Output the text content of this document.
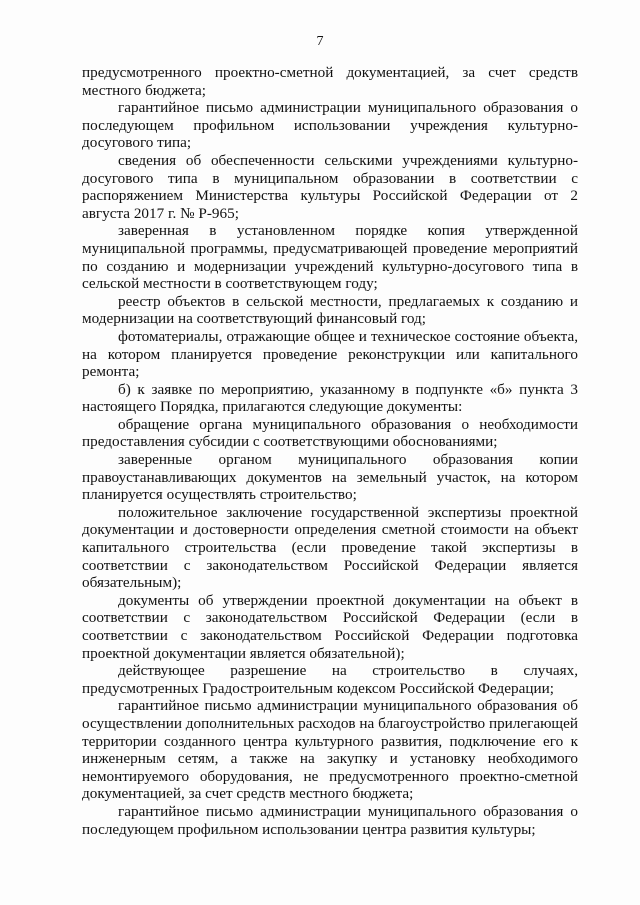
7

предусмотренного проектно-сметной документацией, за счет средств местного бюджета;

гарантийное письмо администрации муниципального образования о последующем профильном использовании учреждения культурно-досугового типа;

сведения об обеспеченности сельскими учреждениями культурно-досугового типа в муниципальном образовании в соответствии с распоряжением Министерства культуры Российской Федерации от 2 августа 2017 г. № Р-965;

заверенная в установленном порядке копия утвержденной муниципальной программы, предусматривающей проведение мероприятий по созданию и модернизации учреждений культурно-досугового типа в сельской местности в соответствующем году;

реестр объектов в сельской местности, предлагаемых к созданию и модернизации на соответствующий финансовый год;

фотоматериалы, отражающие общее и техническое состояние объекта, на котором планируется проведение реконструкции или капитального ремонта;

б) к заявке по мероприятию, указанному в подпункте «б» пункта 3 настоящего Порядка, прилагаются следующие документы:

обращение органа муниципального образования о необходимости предоставления субсидии с соответствующими обоснованиями;

заверенные органом муниципального образования копии правоустанавливающих документов на земельный участок, на котором планируется осуществлять строительство;

положительное заключение государственной экспертизы проектной документации и достоверности определения сметной стоимости на объект капитального строительства (если проведение такой экспертизы в соответствии с законодательством Российской Федерации является обязательным);

документы об утверждении проектной документации на объект в соответствии с законодательством Российской Федерации (если в соответствии с законодательством Российской Федерации подготовка проектной документации является обязательной);

действующее разрешение на строительство в случаях, предусмотренных Градостроительным кодексом Российской Федерации;

гарантийное письмо администрации муниципального образования об осуществлении дополнительных расходов на благоустройство прилегающей территории созданного центра культурного развития, подключение его к инженерным сетям, а также на закупку и установку необходимого немонтируемого оборудования, не предусмотренного проектно-сметной документацией, за счет средств местного бюджета;

гарантийное письмо администрации муниципального образования о последующем профильном использовании центра развития культуры;
